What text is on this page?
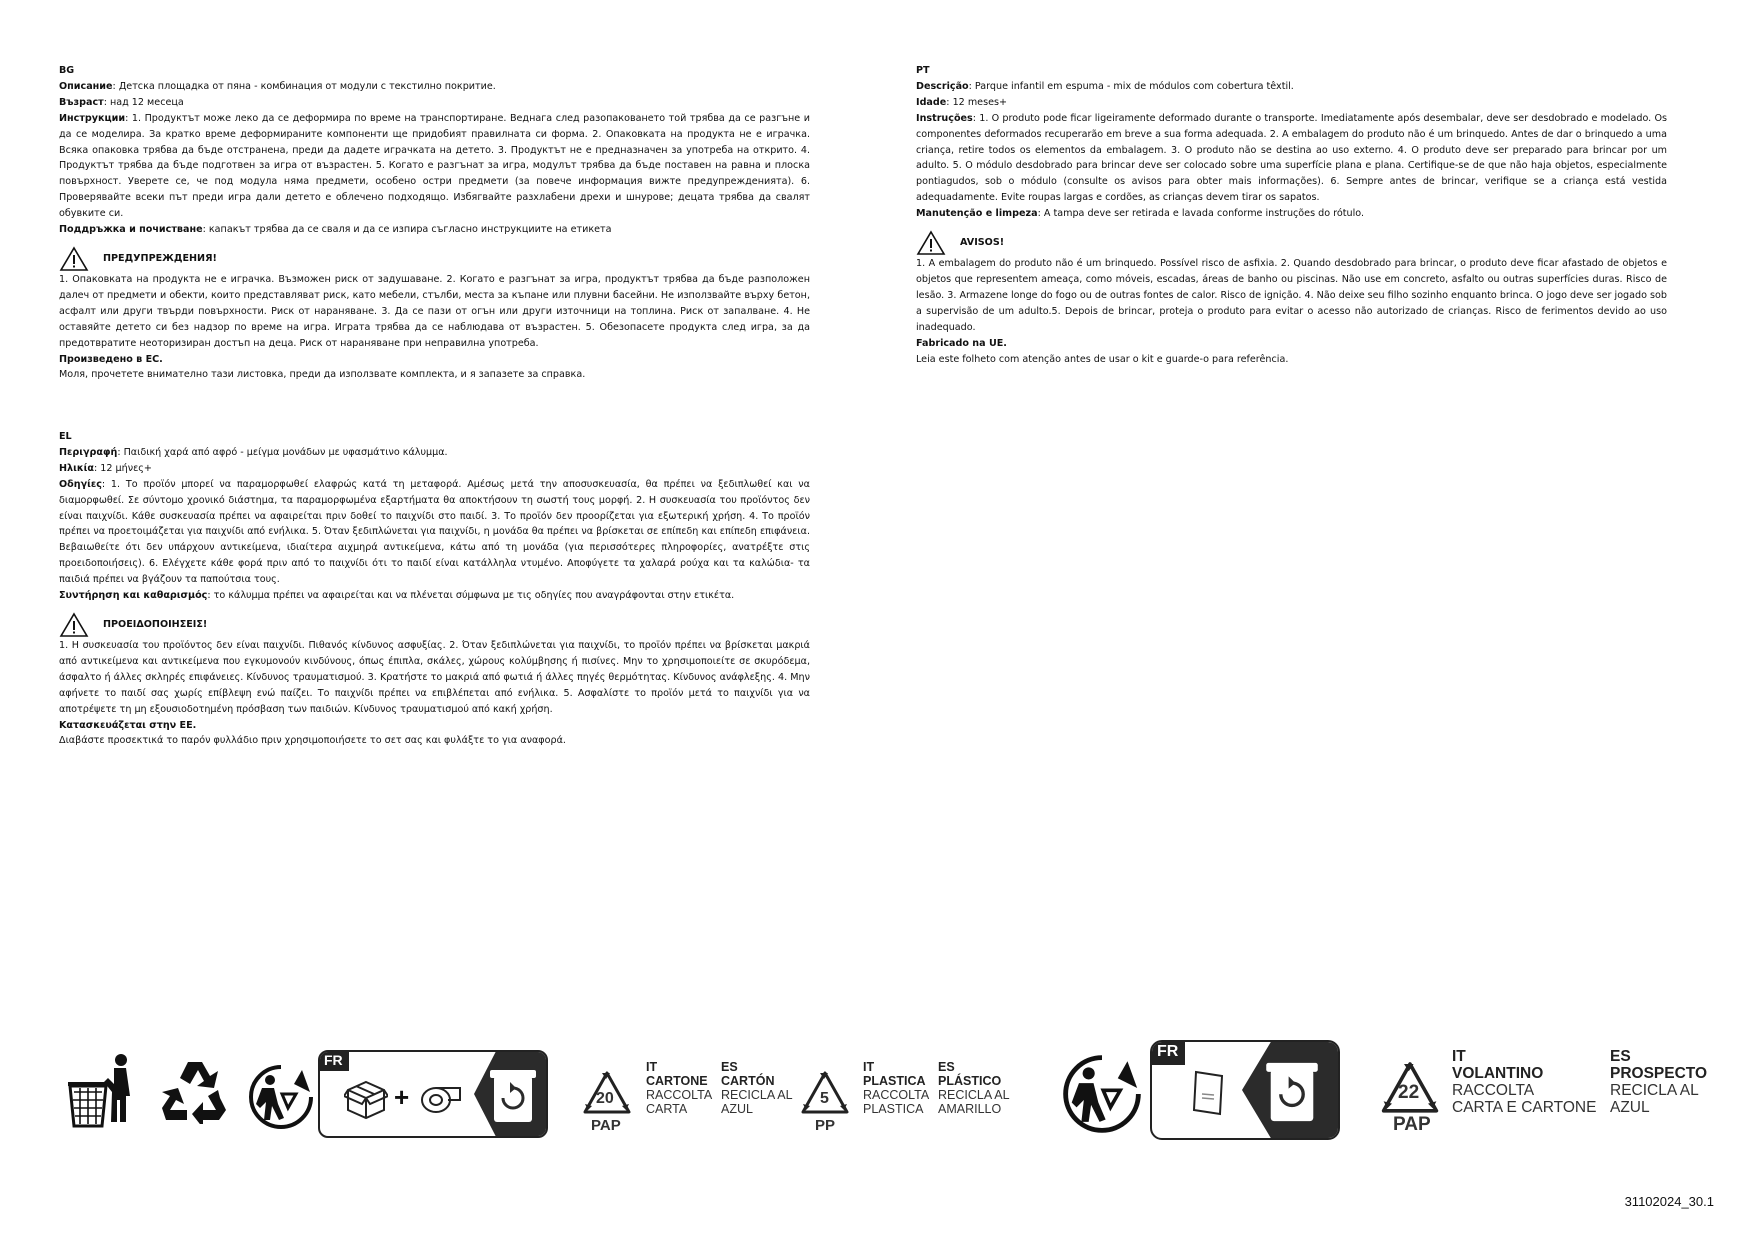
BG

Описание: Детска площадка от пяна - комбинация от модули с текстилно покритие.

Възраст: над 12 месеца

Инструкции: 1. Продуктът може леко да се деформира по време на транспортиране. Веднага след разопаковането той трябва да се разгъне и да се моделира. За кратко време деформираните компоненти ще придобият правилната си форма. 2. Опаковката на продукта не е играчка. Всяка опаковка трябва да бъде отстранена, преди да дадете играчката на детето. 3. Продуктът не е предназначен за употреба на открито. 4. Продуктът трябва да бъде подготвен за игра от възрастен. 5. Когато е разгънат за игра, модулът трябва да бъде поставен на равна и плоска повърхност. Уверете се, че под модула няма предмети, особено остри предмети (за повече информация вижте предупрежденията). 6. Проверявайте всеки път преди игра дали детето е облечено подходящо. Избягвайте разхлабени дрехи и шнурове; децата трябва да свалят обувките си.

Поддръжка и почистване: капакът трябва да се сваля и да се изпира съгласно инструкциите на етикета

ПРЕДУПРЕЖДЕНИЯ!

1. Опаковката на продукта не е играчка. Възможен риск от задушаване. 2. Когато е разгънат за игра, продуктът трябва да бъде разположен далеч от предмети и обекти, които представляват риск, като мебели, стълби, места за къпане или плувни басейни. Не използвайте върху бетон, асфалт или други твърди повърхности. Риск от нараняване. 3. Да се пази от огън или други източници на топлина. Риск от запалване. 4. Не оставяйте детето си без надзор по време на игра. Играта трябва да се наблюдава от възрастен. 5. Обезопасете продукта след игра, за да предотвратите неоторизиран достъп на деца. Риск от нараняване при неправилна употреба.

Произведено в ЕС.

Моля, прочетете внимателно тази листовка, преди да използвате комплекта, и я запазете за справка.

EL

Περιγραφή: Παιδική χαρά από αφρό - μείγμα μονάδων με υφασμάτινο κάλυμμα.

Ηλικία: 12 μήνες+

Οδηγίες: 1. Το προϊόν μπορεί να παραμορφωθεί ελαφρώς κατά τη μεταφορά. Αμέσως μετά την αποσυσκευασία, θα πρέπει να ξεδιπλωθεί και να διαμορφωθεί. Σε σύντομο χρονικό διάστημα, τα παραμορφωμένα εξαρτήματα θα αποκτήσουν τη σωστή τους μορφή. 2. Η συσκευασία του προϊόντος δεν είναι παιχνίδι. Κάθε συσκευασία πρέπει να αφαιρείται πριν δοθεί το παιχνίδι στο παιδί. 3. Το προϊόν δεν προορίζεται για εξωτερική χρήση. 4. Το προϊόν πρέπει να προετοιμάζεται για παιχνίδι από ενήλικα. 5. Όταν ξεδιπλώνεται για παιχνίδι, η μονάδα θα πρέπει να βρίσκεται σε επίπεδη και επίπεδη επιφάνεια. Βεβαιωθείτε ότι δεν υπάρχουν αντικείμενα, ιδιαίτερα αιχμηρά αντικείμενα, κάτω από τη μονάδα (για περισσότερες πληροφορίες, ανατρέξτε στις προειδοποιήσεις). 6. Ελέγχετε κάθε φορά πριν από το παιχνίδι ότι το παιδί είναι κατάλληλα ντυμένο. Αποφύγετε τα χαλαρά ρούχα και τα καλώδια- τα παιδιά πρέπει να βγάζουν τα παπούτσια τους.

Συντήρηση και καθαρισμός: το κάλυμμα πρέπει να αφαιρείται και να πλένεται σύμφωνα με τις οδηγίες που αναγράφονται στην ετικέτα.

ΠΡΟΕΙΔΟΠΟΙΗΣΕΙΣ!

1. Η συσκευασία του προϊόντος δεν είναι παιχνίδι. Πιθανός κίνδυνος ασφυξίας. 2. Όταν ξεδιπλώνεται για παιχνίδι, το προϊόν πρέπει να βρίσκεται μακριά από αντικείμενα και αντικείμενα που εγκυμονούν κινδύνους, όπως έπιπλα, σκάλες, χώρους κολύμβησης ή πισίνες. Μην το χρησιμοποιείτε σε σκυρόδεμα, άσφαλτο ή άλλες σκληρές επιφάνειες. Κίνδυνος τραυματισμού. 3. Κρατήστε το μακριά από φωτιά ή άλλες πηγές θερμότητας. Κίνδυνος ανάφλεξης. 4. Μην αφήνετε το παιδί σας χωρίς επίβλεψη ενώ παίζει. Το παιχνίδι πρέπει να επιβλέπεται από ενήλικα. 5. Ασφαλίστε το προϊόν μετά το παιχνίδι για να αποτρέψετε τη μη εξουσιοδοτημένη πρόσβαση των παιδιών. Κίνδυνος τραυματισμού από κακή χρήση.

Κατασκευάζεται στην ΕΕ.

Διαβάστε προσεκτικά το παρόν φυλλάδιο πριν χρησιμοποιήσετε το σετ σας και φυλάξτε το για αναφορά.

PT

Descrição: Parque infantil em espuma - mix de módulos com cobertura têxtil.

Idade: 12 meses+

Instruções: 1. O produto pode ficar ligeiramente deformado durante o transporte. Imediatamente após desembalar, deve ser desdobrado e modelado. Os componentes deformados recuperarão em breve a sua forma adequada. 2. A embalagem do produto não é um brinquedo. Antes de dar o brinquedo a uma criança, retire todos os elementos da embalagem. 3. O produto não se destina ao uso externo. 4. O produto deve ser preparado para brincar por um adulto. 5. O módulo desdobrado para brincar deve ser colocado sobre uma superfície plana e plana. Certifique-se de que não haja objetos, especialmente pontiagudos, sob o módulo (consulte os avisos para obter mais informações). 6. Sempre antes de brincar, verifique se a criança está vestida adequadamente. Evite roupas largas e cordões, as crianças devem tirar os sapatos.

Manutenção e limpeza: A tampa deve ser retirada e lavada conforme instruções do rótulo.

AVISOS!

1. A embalagem do produto não é um brinquedo. Possível risco de asfixia. 2. Quando desdobrado para brincar, o produto deve ficar afastado de objetos e objetos que representem ameaça, como móveis, escadas, áreas de banho ou piscinas. Não use em concreto, asfalto ou outras superfícies duras. Risco de lesão. 3. Armazene longe do fogo ou de outras fontes de calor. Risco de ignição. 4. Não deixe seu filho sozinho enquanto brinca. O jogo deve ser jogado sob a supervisão de um adulto.5. Depois de brincar, proteja o produto para evitar o acesso não autorizado de crianças. Risco de ferimentos devido ao uso inadequado.

Fabricado na UE.

Leia este folheto com atenção antes de usar o kit e guarde-o para referência.

FR
+	20
PAP
IT
CARTONE
RACCOLTA
CARTA
ES
CARTÓN
RECICLA AL
AZUL
5
PP
IT
PLASTICA
RACCOLTA
PLASTICA
ES
PLÁSTICO
RECICLA AL
AMARILLO
FR
22
PAP
IT
VOLANTINO
RACCOLTA
CARTA E CARTONE
ES
PROSPECTO
RECICLA AL
AZUL
31102024_30.1
